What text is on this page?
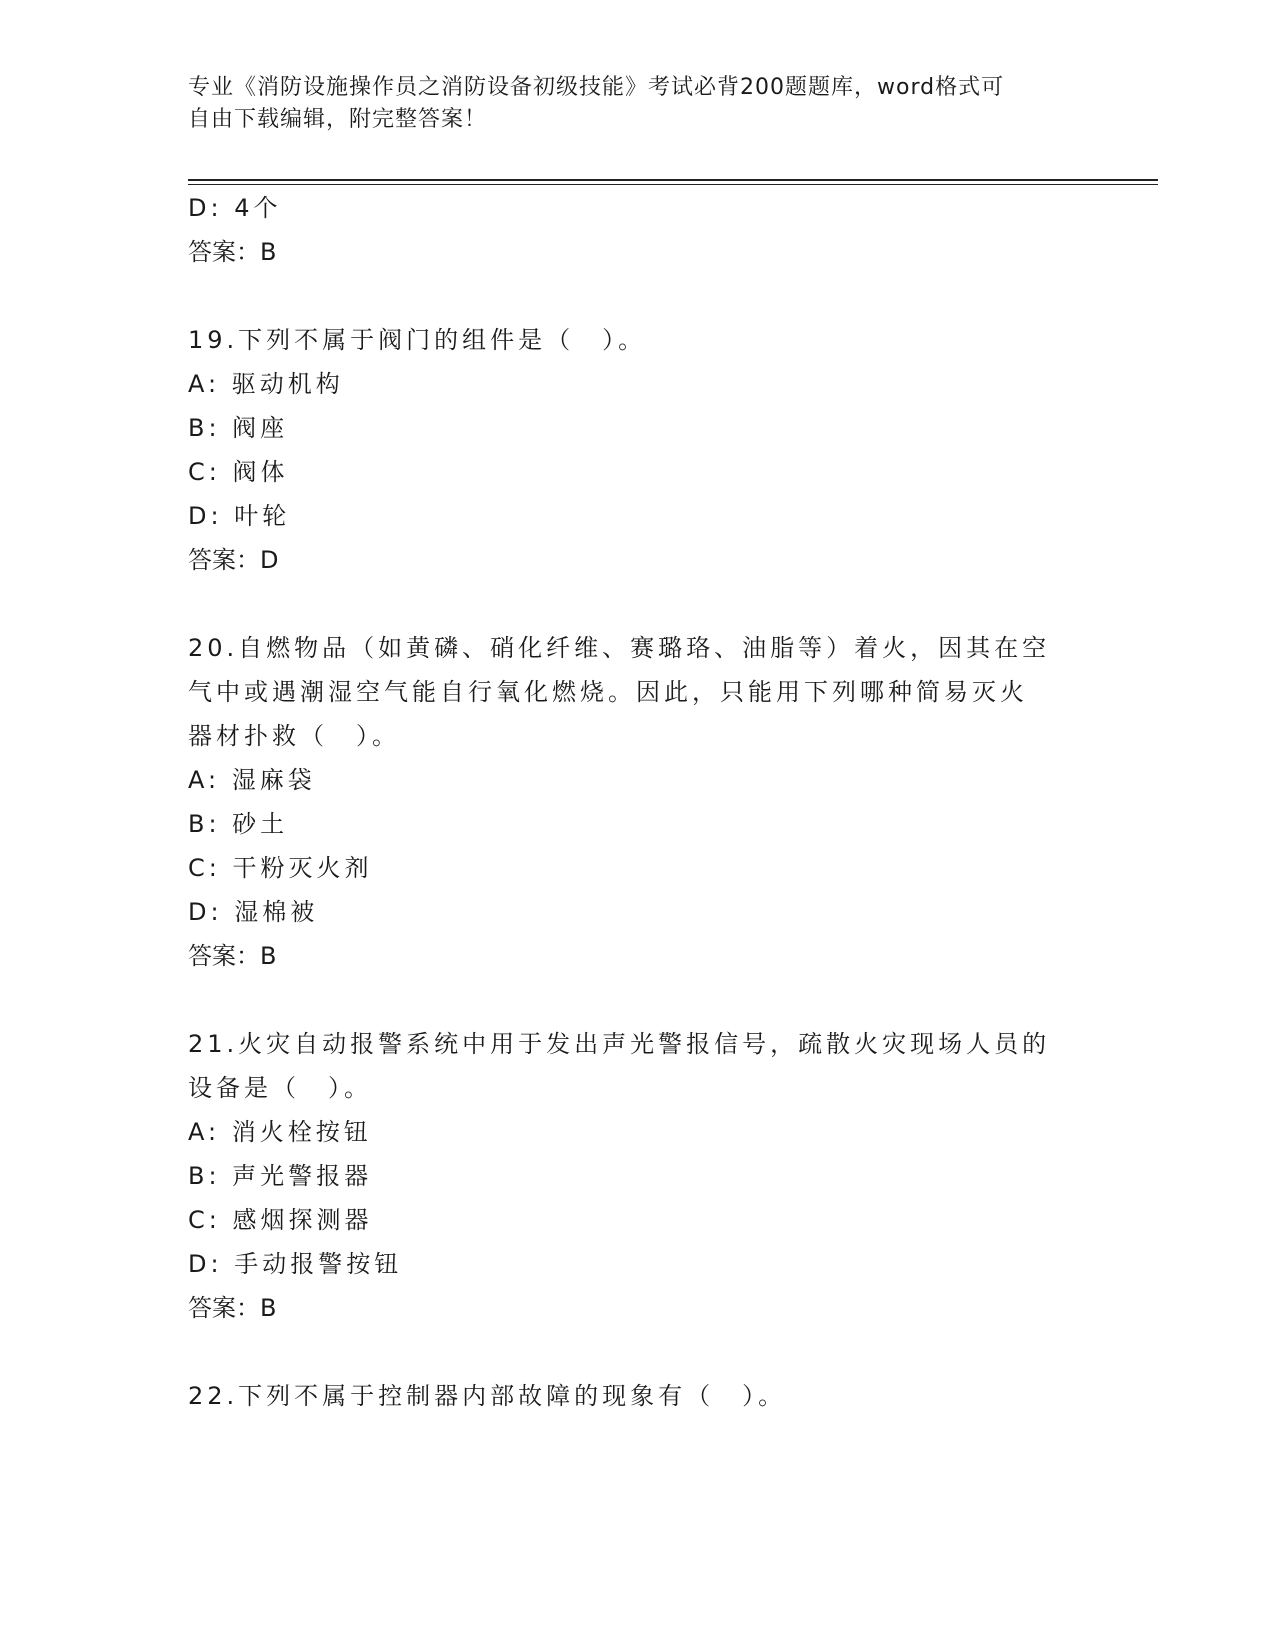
专业《消防设施操作员之消防设备初级技能》考试必背200题题库，word格式可
自由下载编辑，附完整答案！
D: 4个
答案：B
19.下列不属于阀门的组件是（　）。
A: 驱动机构
B: 阀座
C: 阀体
D: 叶轮
答案：D
20.自燃物品（如黄磷、硝化纤维、赛璐珞、油脂等）着火，因其在空
气中或遇潮湿空气能自行氧化燃烧。因此，只能用下列哪种简易灭火
器材扑救（　）。
A: 湿麻袋
B: 砂土
C: 干粉灭火剂
D: 湿棉被
答案：B
21.火灾自动报警系统中用于发出声光警报信号，疏散火灾现场人员的
设备是（　）。
A: 消火栓按钮
B: 声光警报器
C: 感烟探测器
D: 手动报警按钮
答案：B
22.下列不属于控制器内部故障的现象有（　）。
